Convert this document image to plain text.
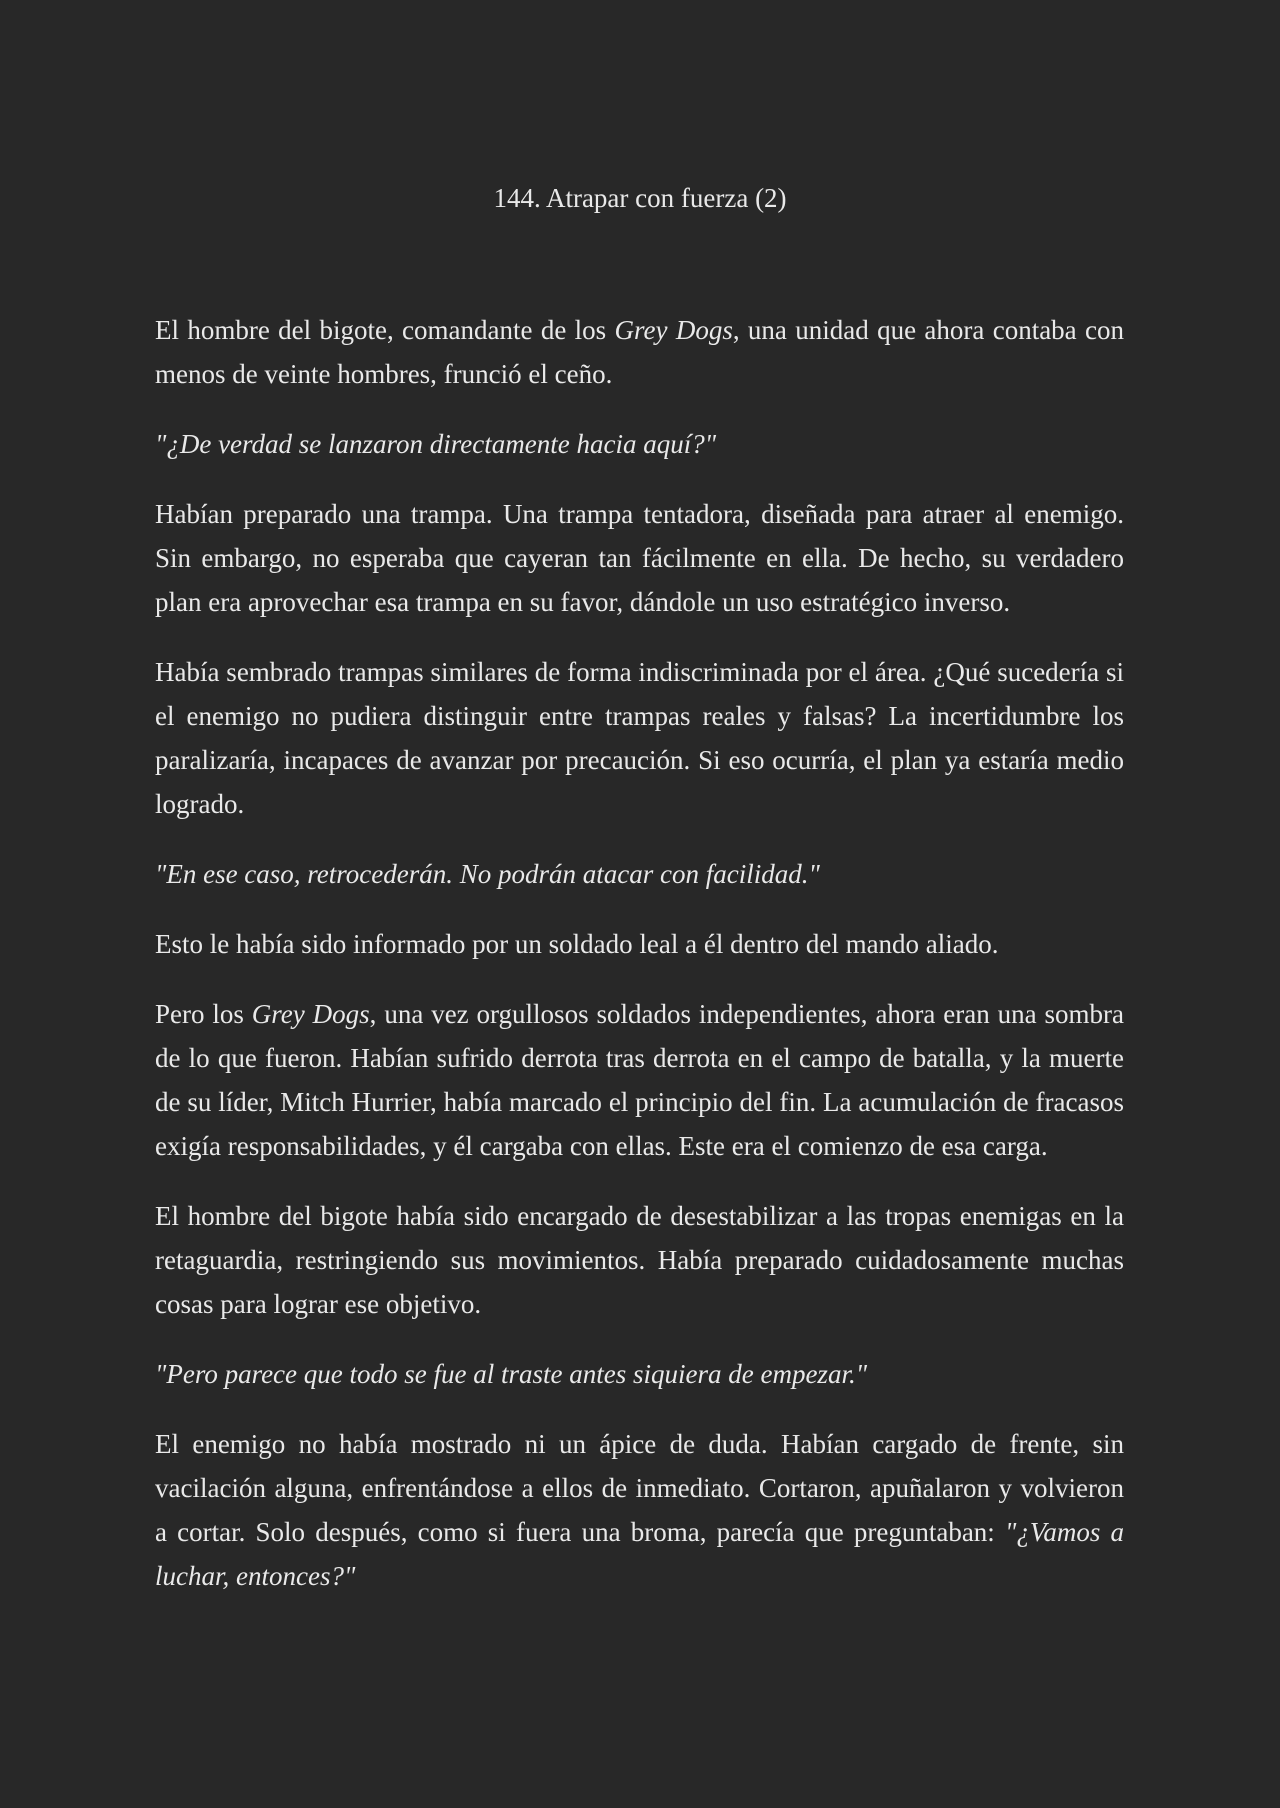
144. Atrapar con fuerza (2)

El hombre del bigote, comandante de los Grey Dogs, una unidad que ahora contaba con menos de veinte hombres, frunció el ceño.

"¿De verdad se lanzaron directamente hacia aquí?"

Habían preparado una trampa. Una trampa tentadora, diseñada para atraer al enemigo. Sin embargo, no esperaba que cayeran tan fácilmente en ella. De hecho, su verdadero plan era aprovechar esa trampa en su favor, dándole un uso estratégico inverso.

Había sembrado trampas similares de forma indiscriminada por el área. ¿Qué sucedería si el enemigo no pudiera distinguir entre trampas reales y falsas? La incertidumbre los paralizaría, incapaces de avanzar por precaución. Si eso ocurría, el plan ya estaría medio logrado.

"En ese caso, retrocederán. No podrán atacar con facilidad."

Esto le había sido informado por un soldado leal a él dentro del mando aliado.

Pero los Grey Dogs, una vez orgullosos soldados independientes, ahora eran una sombra de lo que fueron. Habían sufrido derrota tras derrota en el campo de batalla, y la muerte de su líder, Mitch Hurrier, había marcado el principio del fin. La acumulación de fracasos exigía responsabilidades, y él cargaba con ellas. Este era el comienzo de esa carga.

El hombre del bigote había sido encargado de desestabilizar a las tropas enemigas en la retaguardia, restringiendo sus movimientos. Había preparado cuidadosamente muchas cosas para lograr ese objetivo.

"Pero parece que todo se fue al traste antes siquiera de empezar."

El enemigo no había mostrado ni un ápice de duda. Habían cargado de frente, sin vacilación alguna, enfrentándose a ellos de inmediato. Cortaron, apuñalaron y volvieron a cortar. Solo después, como si fuera una broma, parecía que preguntaban: "¿Vamos a luchar, entonces?"
